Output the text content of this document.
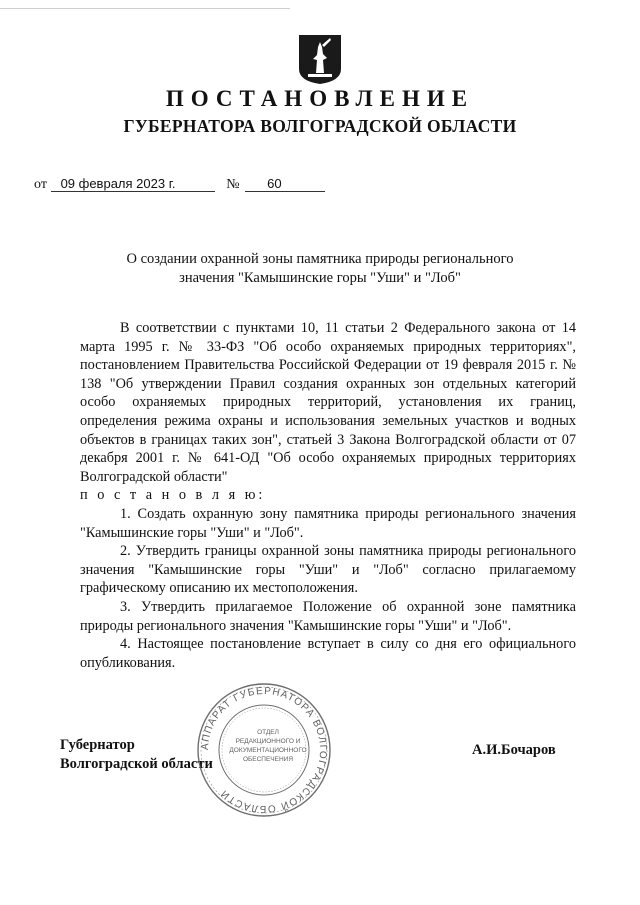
ПОСТАНОВЛЕНИЕ
ГУБЕРНАТОРА ВОЛГОГРАДСКОЙ ОБЛАСТИ
от 09 февраля 2023 г.	№ 60
О создании охранной зоны памятника природы регионального
значения "Камышинские горы "Уши" и "Лоб"

В соответствии с пунктами 10, 11 статьи 2 Федерального закона от 14 марта 1995 г. № 33-ФЗ "Об особо охраняемых природных территориях", постановлением Правительства Российской Федерации от 19 февраля 2015 г. № 138 "Об утверждении Правил создания охранных зон отдельных категорий особо охраняемых природных территорий, установления их границ, определения режима охраны и использования земельных участков и водных объектов в границах таких зон", статьей 3 Закона Волгоградской области от 07 декабря 2001 г. № 641-ОД "Об особо охраняемых природных территориях Волгоградской области"

п о с т а н о в л я ю:

1. Создать охранную зону памятника природы регионального значения "Камышинские горы "Уши" и "Лоб".

2. Утвердить границы охранной зоны памятника природы регионального значения "Камышинские горы "Уши" и "Лоб" согласно прилагаемому графическому описанию их местоположения.

3. Утвердить прилагаемое Положение об охранной зоне памятника природы регионального значения "Камышинские горы "Уши" и "Лоб".

4. Настоящее постановление вступает в силу со дня его официального опубликования.

Губернатор
Волгоградской области
А.И.Бочаров
АППАРАТ ГУБЕРНАТОРА ВОЛГОГРАДСКОЙ ОБЛАСТИ
ОТДЕЛ
РЕДАКЦИОННОГО И
ДОКУМЕНТАЦИОННОГО
ОБЕСПЕЧЕНИЯ
